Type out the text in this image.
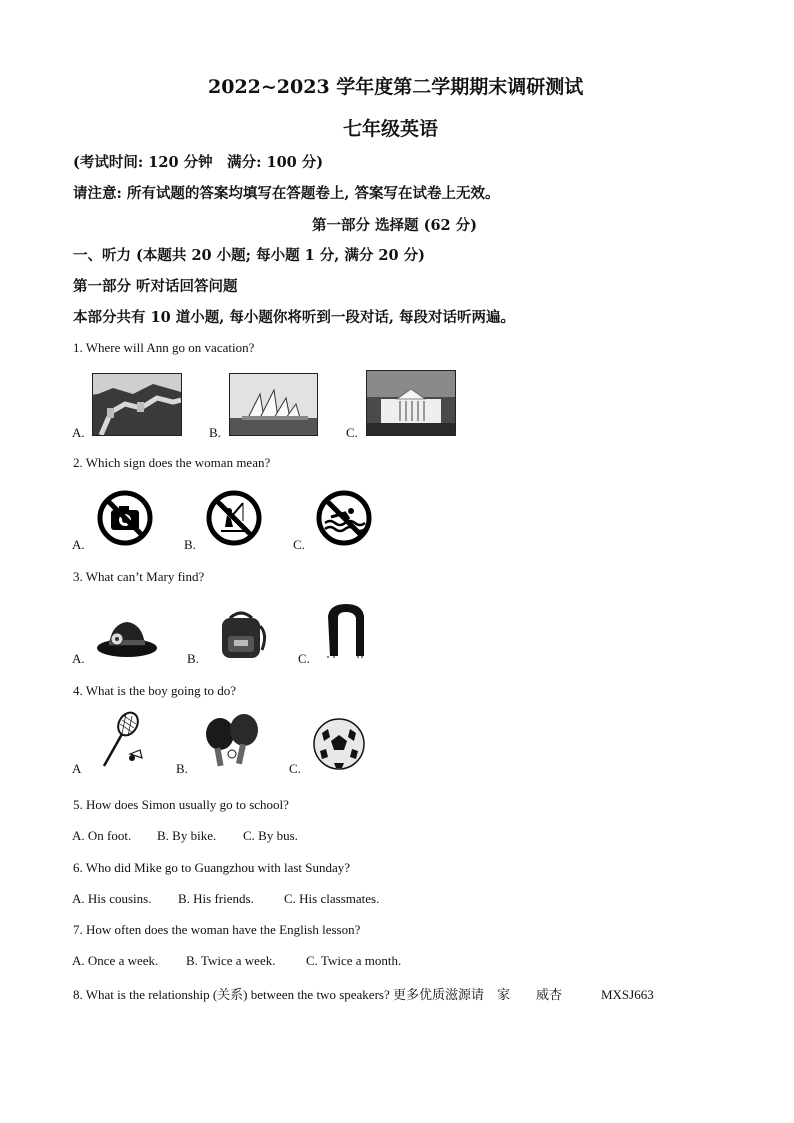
2022~2023 学年度第二学期期末调研测试
七年级英语
(考试时间: 120 分钟　满分: 100 分)
请注意: 所有试题的答案均填写在答题卷上, 答案写在试卷上无效。
第一部分 选择题 (62 分)
一、听力 (本题共 20 小题; 每小题 1 分, 满分 20 分)
第一部分 听对话回答问题
本部分共有 10 道小题, 每小题你将听到一段对话, 每段对话听两遍。
1. Where will Ann go on vacation?
A.	B.	C.
2. Which sign does the woman mean?
A.	B.	C.
3. What can’t Mary find?
A.	B.	C.
4. What is the boy going to do?
A	B.	C.
5. How does Simon usually go to school?
A. On foot. B. By bike. C. By bus.
6. Who did Mike go to Guangzhou with last Sunday?
A. His cousins. B. His friends. C. His classmates.
7. How often does the woman have the English lesson?
A. Once a week. B. Twice a week. C. Twice a month.
8. What is the relationship (关系) between the two speakers? 更多优质滋源请　家　　威杏　　　MXSJ663
